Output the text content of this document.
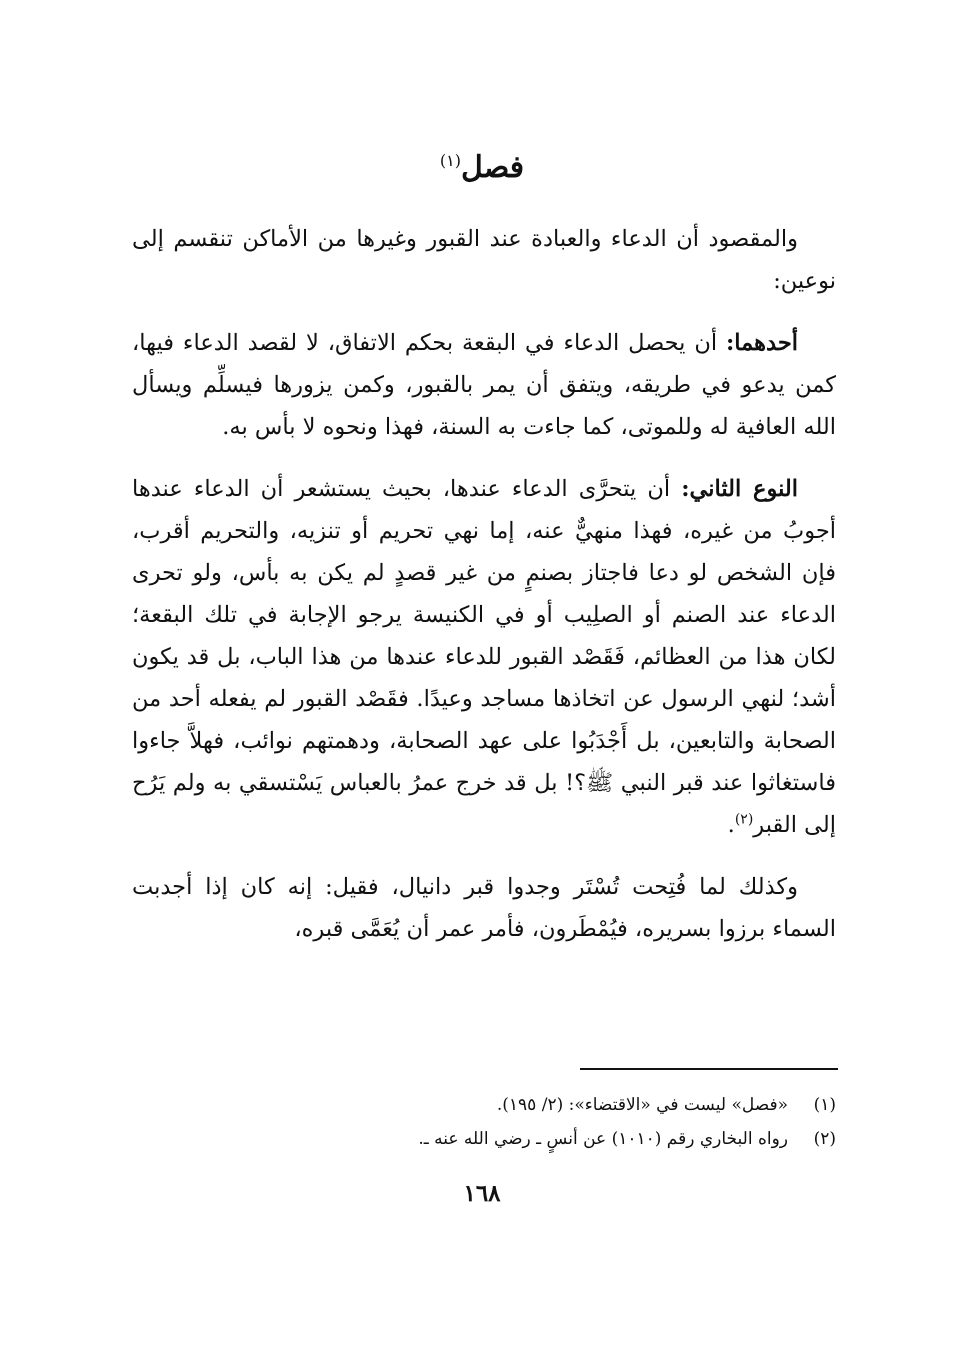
فصل$^{(١)}$

والمقصود أن الدعاء والعبادة عند القبور وغيرها من الأماكن تنقسم إلى نوعين:

أحدهما: أن يحصل الدعاء في البقعة بحكم الاتفاق، لا لقصد الدعاء فيها، كمن يدعو في طريقه، ويتفق أن يمر بالقبور، وكمن يزورها فيسلِّم ويسأل الله العافية له وللموتى، كما جاءت به السنة، فهذا ونحوه لا بأس به.

النوع الثاني: أن يتحرَّى الدعاء عندها، بحيث يستشعر أن الدعاء عندها أجوبُ من غيره، فهذا منهيٌّ عنه، إما نهي تحريم أو تنزيه، والتحريم أقرب، فإن الشخص لو دعا فاجتاز بصنمٍ من غير قصدٍ لم يكن به بأس، ولو تحرى الدعاء عند الصنم أو الصلِيب أو في الكنيسة يرجو الإجابة في تلك البقعة؛ لكان هذا من العظائم، فَقَصْد القبور للدعاء عندها من هذا الباب، بل قد يكون أشد؛ لنهي الرسول عن اتخاذها مساجد وعيدًا. فقَصْد القبور لم يفعله أحد من الصحابة والتابعين، بل أَجْدَبُوا على عهد الصحابة، ودهمتهم نوائب، فهلاَّ جاءوا فاستغاثوا عند قبر النبي ﷺ؟! بل قد خرج عمرُ بالعباس يَسْتسقي به ولم يَرُح إلى القبر$^{(٢)}$.

وكذلك لما فُتِحت تُسْتَر وجدوا قبر دانيال، فقيل: إنه كان إذا أجدبت السماء برزوا بسريره، فيُمْطَرون، فأمر عمر أن يُعَمَّى قبره،

(١)«فصل» ليست في «الاقتضاء»: (٢/ ١٩٥).
(٢)رواه البخاري رقم (١٠١٠) عن أنسٍ ـ رضي الله عنه ـ.
١٦٨
